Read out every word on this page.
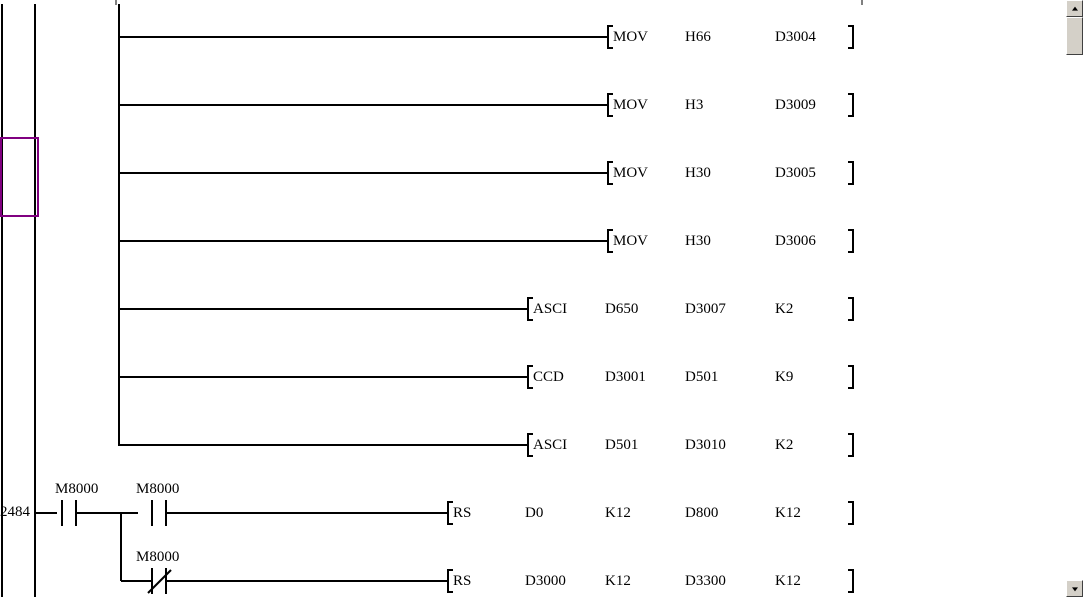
2484
MOV H66	D3004
MOV H3	D3009
MOV H30	D3005
MOV H30	D3006
ASCI	D650	D3007	K2
CCD	D3001	D501	K9
ASCI	D501	D3010	K2
M8000	M8000
RS	D0	K12	D800	K12
M8000
RS	D3000	K12	D3300	K12
